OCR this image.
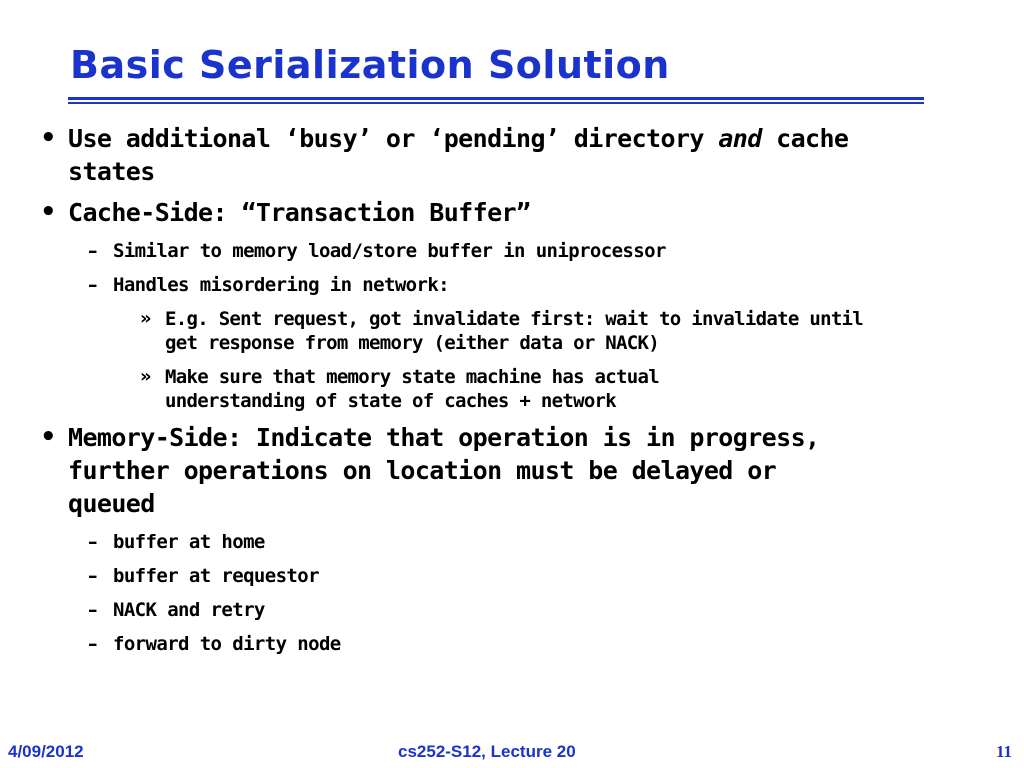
Basic Serialization Solution
• Use additional ‘busy’ or ‘pending’ directory and cache
states
• Cache-Side: “Transaction Buffer”
– Similar to memory load/store buffer in uniprocessor
– Handles misordering in network:
» E.g. Sent request, got invalidate first: wait to invalidate until
get response from memory (either data or NACK)
» Make sure that memory state machine has actual
understanding of state of caches + network
• Memory-Side: Indicate that operation is in progress,
further operations on location must be delayed or
queued
– buffer at home
– buffer at requestor
– NACK and retry
– forward to dirty node
4/09/2012	cs252-S12, Lecture 20	11
